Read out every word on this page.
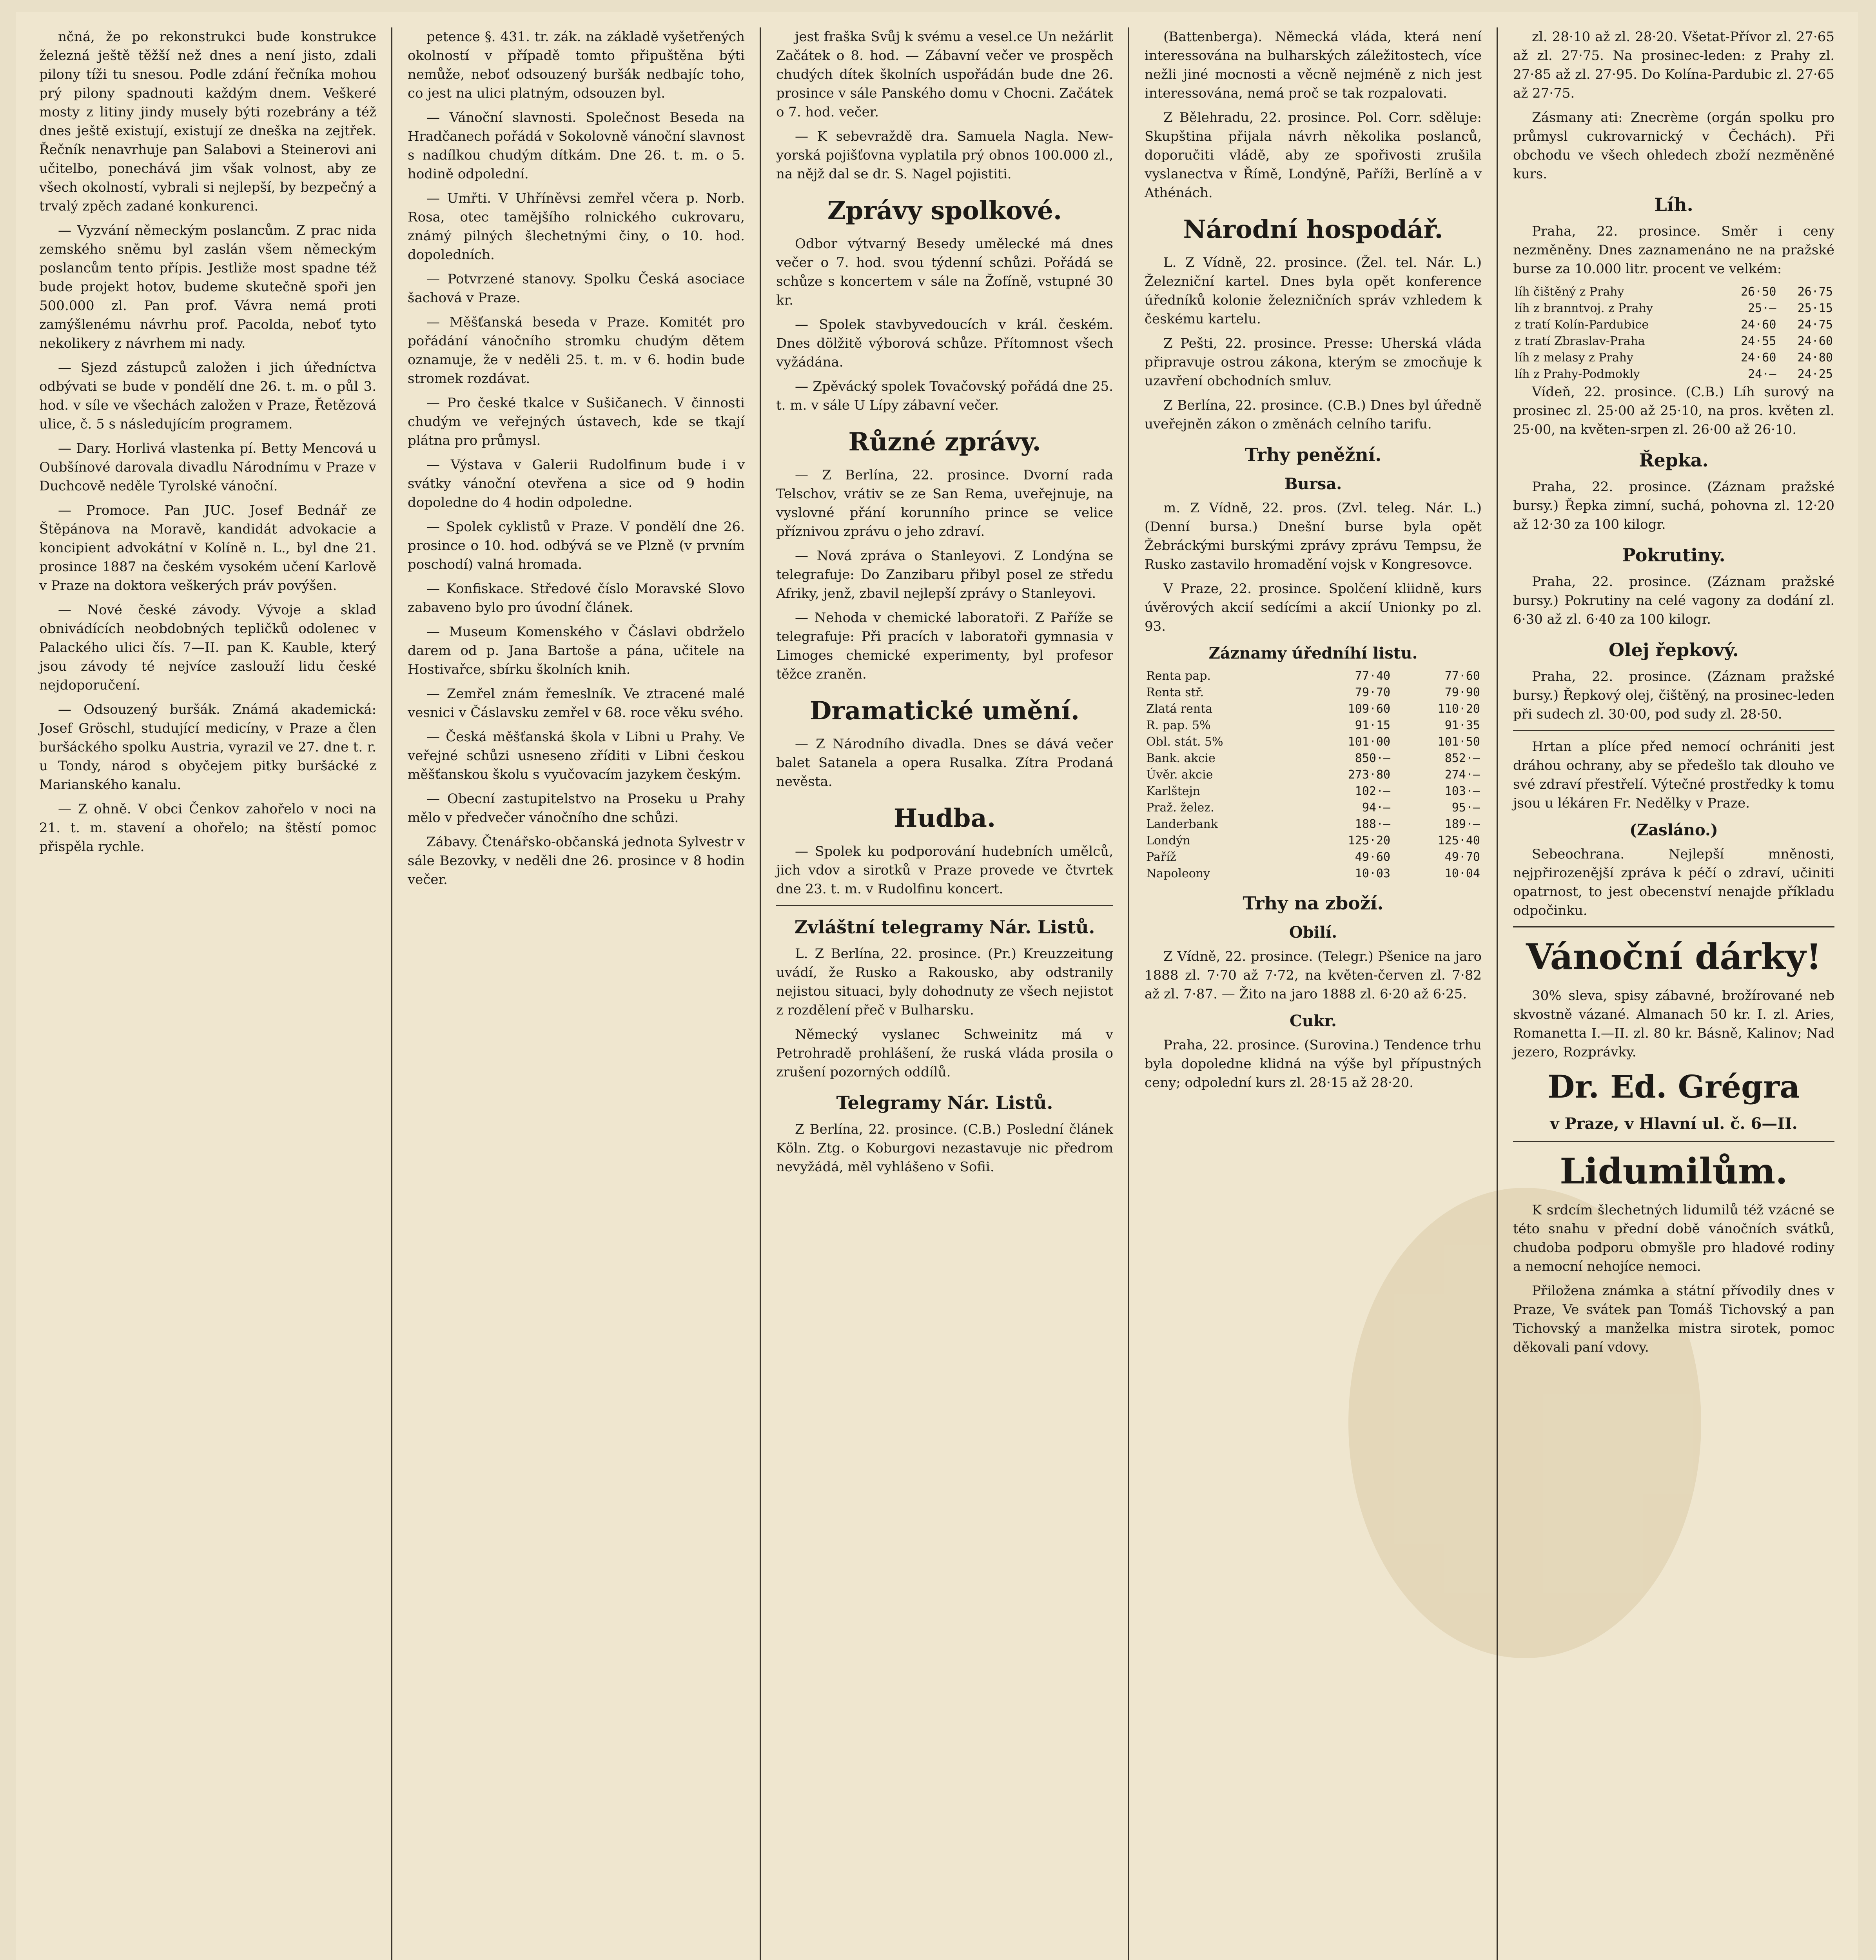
nčná, že po rekonstrukci bude konstrukce železná ještě těžší než dnes a není jisto, zdali pilony tíži tu snesou. Podle zdání řečníka mohou prý pilony spadnouti každým dnem. Veškeré mosty z litiny jindy musely býti rozebrány a též dnes ještě existují, existují ze dneška na zejtřek. Řečník nenavrhuje pan Salabovi a Steinerovi ani učitelbo, ponechává jim však volnost, aby ze všech okolností, vybrali si nejlepší, by bezpečný a trvalý zpěch zadané konkurenci.

— Vyzvání německým poslancům. Z prac nida zemského sněmu byl zaslán všem německým poslancům tento přípis. Jestliže most spadne též bude projekt hotov, budeme skutečně spoři jen 500.000 zl. Pan prof. Vávra nemá proti zamýšlenému návrhu prof. Pacolda, neboť tyto nekolikery z návrhem mi nady.

— Sjezd zástupců založen i jich úředníctva odbývati se bude v pondělí dne 26. t. m. o půl 3. hod. v síle ve všechách založen v Praze, Řetězová ulice, č. 5 s následujícím programem.

— Dary. Horlivá vlastenka pí. Betty Mencová u Oubšínové darovala divadlu Národnímu v Praze v Duchcově neděle Tyrolské vánoční.

— Promoce. Pan JUC. Josef Bednář ze Štěpánova na Moravě, kandidát advokacie a koncipient advokátní v Kolíně n. L., byl dne 21. prosince 1887 na českém vysokém učení Karlově v Praze na doktora veškerých práv povýšen.

— Nové české závody. Vývoje a sklad obnivádících neobdobných tepličků odolenec v Palackého ulici čís. 7—II. pan K. Kauble, který jsou závody té nejvíce zaslouží lidu české nejdoporučení.

— Odsouzený buršák. Známá akademická: Josef Gröschl, studující medicíny, v Praze a člen buršáckého spolku Austria, vyrazil ve 27. dne t. r. u Tondy, národ s obyčejem pitky buršácké z Marianského kanalu.

— Z ohně. V obci Čenkov zahořelo v noci na 21. t. m. stavení a ohořelo; na štěstí pomoc přispěla rychle.

petence §. 431. tr. zák. na základě vyšetřených okolností v případě tomto připuštěna býti nemůže, neboť odsouzený buršák nedbajíc toho, co jest na ulici platným, odsouzen byl.

— Vánoční slavnosti. Společnost Beseda na Hradčanech pořádá v Sokolovně vánoční slavnost s nadílkou chudým dítkám. Dne 26. t. m. o 5. hodině odpolední.

— Umřti. V Uhříněvsi zemřel včera p. Norb. Rosa, otec tamějšího rolnického cukrovaru, známý pilných šlechetnými činy, o 10. hod. dopoledních.

— Potvrzené stanovy. Spolku Česká asociace šachová v Praze.

— Měšťanská beseda v Praze. Komitét pro pořádání vánočního stromku chudým dětem oznamuje, že v neděli 25. t. m. v 6. hodin bude stromek rozdávat.

— Pro české tkalce v Sušičanech. V činnosti chudým ve veřejných ústavech, kde se tkají plátna pro průmysl.

— Výstava v Galerii Rudolfinum bude i v svátky vánoční otevřena a sice od 9 hodin dopoledne do 4 hodin odpoledne.

— Spolek cyklistů v Praze. V pondělí dne 26. prosince o 10. hod. odbývá se ve Plzně (v prvním poschodí) valná hromada.

— Konfiskace. Středové číslo Moravské Slovo zabaveno bylo pro úvodní článek.

— Museum Komenského v Čáslavi obdrželo darem od p. Jana Bartoše a pána, učitele na Hostivařce, sbírku školních knih.

— Zemřel znám řemeslník. Ve ztracené malé vesnici v Čáslavsku zemřel v 68. roce věku svého.

— Česká měšťanská škola v Libni u Prahy. Ve veřejné schůzi usneseno zříditi v Libni českou měšťanskou školu s vyučovacím jazykem českým.

— Obecní zastupitelstvo na Proseku u Prahy mělo v předvečer vánočního dne schůzi.

Zábavy. Čtenářsko-občanská jednota Sylvestr v sále Bezovky, v neděli dne 26. prosince v 8 hodin večer.

jest fraška Svůj k svému a vesel.ce Un nežárlit Začátek o 8. hod. — Zábavní večer ve prospěch chudých dítek školních uspořádán bude dne 26. prosince v sále Panského domu v Chocni. Začátek o 7. hod. večer.

— K sebevraždě dra. Samuela Nagla. New-yorská pojišťovna vyplatila prý obnos 100.000 zl., na nějž dal se dr. S. Nagel pojistiti.

Zprávy spolkové.

Odbor výtvarný Besedy umělecké má dnes večer o 7. hod. svou týdenní schůzi. Pořádá se schůze s koncertem v sále na Žofíně, vstupné 30 kr.

— Spolek stavbyvedoucích v král. českém. Dnes dölžitě výborová schůze. Přítomnost všech vyžádána.

— Zpěvácký spolek Tovačovský pořádá dne 25. t. m. v sále U Lípy zábavní večer.

Různé zprávy.

— Z Berlína, 22. prosince. Dvorní rada Telschov, vrátiv se ze San Rema, uveřejnuje, na vyslovné přání korunního prince se velice příznivou zprávu o jeho zdraví.

— Nová zpráva o Stanleyovi. Z Londýna se telegrafuje: Do Zanzibaru přibyl posel ze středu Afriky, jenž, zbavil nejlepší zprávy o Stanleyovi.

— Nehoda v chemické laboratoři. Z Paříže se telegrafuje: Při pracích v laboratoři gymnasia v Limoges chemické experimenty, byl profesor těžce zraněn.

Dramatické umění.

— Z Národního divadla. Dnes se dává večer balet Satanela a opera Rusalka. Zítra Prodaná nevěsta.

Hudba.

— Spolek ku podporování hudebních umělců, jich vdov a sirotků v Praze provede ve čtvrtek dne 23. t. m. v Rudolfinu koncert.

Zvláštní telegramy Nár. Listů.

L. Z Berlína, 22. prosince. (Pr.) Kreuzzeitung uvádí, že Rusko a Rakousko, aby odstranily nejistou situaci, byly dohodnuty ze všech nejistot z rozdělení přeč v Bulharsku.

Německý vyslanec Schweinitz má v Petrohradě prohlášení, že ruská vláda prosila o zrušení pozorných oddílů.

Telegramy Nár. Listů.

Z Berlína, 22. prosince. (C.B.) Poslední článek Köln. Ztg. o Koburgovi nezastavuje nic předrom nevyžádá, měl vyhlášeno v Sofii.

(Battenberga). Německá vláda, která není interessována na bulharských záležitostech, více nežli jiné mocnosti a věcně nejméně z nich jest interessována, nemá proč se tak rozpalovati.

Z Bělehradu, 22. prosince. Pol. Corr. sděluje: Skupština přijala návrh několika poslanců, doporučiti vládě, aby ze spořivosti zrušila vyslanectva v Římě, Londýně, Paříži, Berlíně a v Athénách.

Národní hospodář.

L. Z Vídně, 22. prosince. (Žel. tel. Nár. L.) Železniční kartel. Dnes byla opět konference úředníků kolonie železničních správ vzhledem k českému kartelu.

Z Pešti, 22. prosince. Presse: Uherská vláda připravuje ostrou zákona, kterým se zmocňuje k uzavření obchodních smluv.

Z Berlína, 22. prosince. (C.B.) Dnes byl úředně uveřejněn zákon o změnách celního tarifu.

Trhy peněžní.
Bursa.

m. Z Vídně, 22. pros. (Zvl. teleg. Nár. L.) (Denní bursa.) Dnešní burse byla opět Žebráckými burskými zprávy zprávu Tempsu, že Rusko zastavilo hromadění vojsk v Kongresovce.

V Praze, 22. prosince. Spolčení kliidně, kurs úvěrových akcií sedícími a akcií Unionky po zl. 93.

Záznamy úředníhí listu.
Renta pap.	77·40	77·60
Renta stř.	79·70	79·90
Zlatá renta	109·60	110·20
R. pap. 5%	91·15	91·35
Obl. stát. 5%	101·00	101·50
Bank. akcie	850·—	852·—
Úvěr. akcie	273·80	274·—
Karlštejn	102·—	103·—
Praž. želez.	94·—	95·—
Landerbank	188·—	189·—
Londýn	125·20	125·40
Paříž	49·60	49·70
Napoleony	10·03	10·04
Trhy na zboží.
Obilí.

Z Vídně, 22. prosince. (Telegr.) Pšenice na jaro 1888 zl. 7·70 až 7·72, na květen-červen zl. 7·82 až zl. 7·87. — Žito na jaro 1888 zl. 6·20 až 6·25.

Cukr.

Praha, 22. prosince. (Surovina.) Tendence trhu byla dopoledne klidná na výše byl přípustných ceny; odpolední kurs zl. 28·15 až 28·20.

zl. 28·10 až zl. 28·20. Všetat-Přívor zl. 27·65 až zl. 27·75. Na prosinec-leden: z Prahy zl. 27·85 až zl. 27·95. Do Kolína-Pardubic zl. 27·65 až 27·75.

Zásmany ati: Znecrème (orgán spolku pro průmysl cukrovarnický v Čechách). Při obchodu ve všech ohledech zboží nezměněné kurs.

Líh.

Praha, 22. prosince. Směr i ceny nezměněny. Dnes zaznamenáno ne na pražské burse za 10.000 litr. procent ve velkém:

líh čištěný z Prahy	26·50	26·75
líh z branntvoj. z Prahy	25·—	25·15
z tratí Kolín-Pardubice	24·60	24·75
z tratí Zbraslav-Praha	24·55	24·60
líh z melasy z Prahy	24·60	24·80
líh z Prahy-Podmokly	24·—	24·25

Vídeň, 22. prosince. (C.B.) Líh surový na prosinec zl. 25·00 až 25·10, na pros. květen zl. 25·00, na květen-srpen zl. 26·00 až 26·10.

Řepka.

Praha, 22. prosince. (Záznam pražské bursy.) Řepka zimní, suchá, pohovna zl. 12·20 až 12·30 za 100 kilogr.

Pokrutiny.

Praha, 22. prosince. (Záznam pražské bursy.) Pokrutiny na celé vagony za dodání zl. 6·30 až zl. 6·40 za 100 kilogr.

Olej řepkový.

Praha, 22. prosince. (Záznam pražské bursy.) Řepkový olej, čištěný, na prosinec-leden při sudech zl. 30·00, pod sudy zl. 28·50.

Hrtan a plíce před nemocí ochrániti jest dráhou ochrany, aby se předešlo tak dlouho ve své zdraví přestřelí. Výtečné prostředky k tomu jsou u lékáren Fr. Nedělky v Praze.

(Zasláno.)

Sebeochrana. Nejlepší mněnosti, nejpřirozenější zpráva k péčí o zdraví, učiniti opatrnost, to jest obecenství nenajde příkladu odpočinku.

Vánoční dárky!

30% sleva, spisy zábavné, brožírované neb skvostně vázané. Almanach 50 kr. I. zl. Aries, Romanetta I.—II. zl. 80 kr. Básně, Kalinov; Nad jezero, Rozprávky.

Dr. Ed. Grégra
v Praze, v Hlavní ul. č. 6—II.
Lidumilům.

K srdcím šlechetných lidumilů též vzácné se této snahu v přední době vánočních svátků, chudoba podporu obmyšle pro hladové rodiny a nemocní nehojíce nemoci.

Přiložena známka a státní přívodily dnes v Praze, Ve svátek pan Tomáš Tichovský a pan Tichovský a manželka mistra sirotek, pomoc děkovali paní vdovy.
